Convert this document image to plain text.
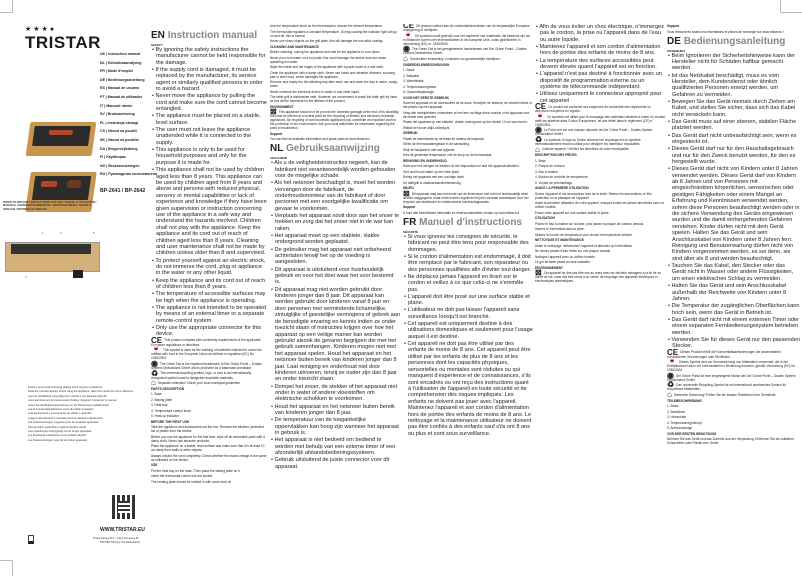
★★★●
TRISTAR
UK | Instruction manual
NL | Gebruiksaanwijzing
FR | Mode d'emploi
DE | Bedienungsanleitung
ES | Manual de usuario
PT | Manual de utilizador
IT | Manuale utente
SV | Bruksanvisning
PL | Instrukcja obsługi
CS | Návod na použití
SK | Návod na použitie
DA | Brugervejledning
FI | Käyttöopas
NO | Bruksanvisningen
RU | Руководство пользователя
BP-2641 / BP-2642
PAPER TO DISCARD / INSTRUCTIONS FOR USE / MANUEL D'UTILISATION / MANUALE / GEBRAUCHSANWEISUNG / BRUKSANVISNING / NÁVOD K OBSLUZE / INSTRUKCJA OBSŁUGI
1	2
3	4
5
Prosimy przeczytać instrukcję obsługi przed użyciem urządzenia.
Read the manual carefully before using the appliance. Save the manual for future reference.
Lees de handleiding zorgvuldig door voordat u het apparaat gebruikt.
Lisez attentivement le manuel avant d'utiliser l'appareil. Conservez le manuel.
Lesen Sie die Bedienungsanleitung vor der Benutzung sorgfältig durch.
Lea el manual detenidamente antes de utilizar el aparato.
Leia atentamente o manual antes de utilizar o aparelho.
Leggere attentamente il manuale prima di utilizzare l'apparecchio.
Läs bruksanvisningen noggrant innan du använder apparaten.
Před použitím spotřebiče si pečlivě přečtěte návod.
Læs vejledningen omhyggeligt, før du bruger apparatet.
Lue käyttöopas huolellisesti ennen laitteen käyttöä.
Les bruksanvisningen nøye før du bruker apparatet.
WWW.TRISTAR.EU
Tristar Europe B.V. | Jules Verneweg 87
5015 BH Tilburg | The Netherlands
EN Instruction manual
SAFETY
• By ignoring the safety instructions the manufacturer cannot be held responsible for the damage.
• If the supply cord is damaged, it must be replaced by the manufacturer, its service agent or similarly qualified persons in order to avoid a hazard.
• Never move the appliance by pulling the cord and make sure the cord cannot become entangled.
• The appliance must be placed on a stable, level surface.
• The user must not leave the appliance unattended while it is connected to the supply.
• This appliance is only to be used for household purposes and only for the purpose it is made for.
• This appliance shall not be used by children aged less than 8 years. This appliance can be used by children aged from 8 years and above and persons with reduced physical, sensory or mental capabilities or lack of experience and knowledge if they have been given supervision or instruction concerning use of the appliance in a safe way and understand the hazards involved. Children shall not play with the appliance. Keep the appliance and its cord out of reach of children aged less than 8 years. Cleaning and user maintenance shall not be made by children unless older than 8 and supervised.
• To protect yourself against an electric shock, do not immerse the cord, plug or appliance in the water or any other liquid.
• Keep the appliance and its cord out of reach of children less than 8 years.
• The temperature of accessible surfaces may be high when the appliance is operating.
• The appliance is not intended to be operated by means of an external timer or a separate remote-control system.
• Only use the appropriate connector for this device.
CE This product complies with conformity requirements of the applicable European regulations or directives.
🍷 This symbol is used for the marking of materials intended to come into contact with food in the European Union as defined in regulation (EC) No 1935/2004.
◉ The Green Dot is the registered trademark of Der Grüne Punkt – Duales System Deutschland GmbH and is protected as a trademark worldwide.
♻ The universal recycling symbol, logo, or icon is an internationally recognized symbol used to designate recyclable materials.
⌂ Separate collection! Check your local municipal guidelines.
PARTS DESCRIPTION
1. Base
2. Baking plate
3. Heat tray
4. Temperature control knob
5. Heat-up indicator
BEFORE THE FIRST USE
Take the appliance and accessories out the box. Remove the stickers, protective foil or plastic from the device.
Before you use the appliance for the first time, wipe off all removable parts with a damp cloth. Never use abrasive products.
Place the appliance on a stable, level surface and make sure that it is at least 10 cm away from walls or other objects.
Always unwind the cord completely. Check whether the mains voltage is the same as indicated on the device.
USE
Put the heat tray on the base. Then place the baking plate on it.
Insert the thermostat control into the socket.
The heating plate should be rubbed in with some food oil.
Use the temperature knob on the thermostat to choose the desired temperature.
The thermostat regulates a constant temperature. During cooking the indicator light will go on and off, this is normal.
Never use sharp objects on the grill plate, this will damage the non-stick coating.
CLEANING AND MAINTENANCE
Before cleaning, unplug the appliance and wait for the appliance to cool down.
Never pour cold water on a hot plate, this could damage the device and can cause splashing hot water.
Wipe the inside and the edges of the appliance with a paper towel or a soft cloth.
Clean the appliance with a damp cloth. Never use harsh and abrasive cleaners, scouring pad or steel wool, which damages the appliance.
Remove and empty the fat collecting tray after each use and wash the tray in warm, soapy water.
Never immerse the electrical device in water or any other liquid.
The table grill is dishwasher safe. However, we recommend to wash the table grill by hand as this will be beneficial for the lifetime of the product.
ENVIRONMENT
⊠ This appliance should not be put into the domestic garbage at the end of its durability, but must be offered at a central point for the recycling of electric and electronic domestic appliances. By recycling of used domestic appliances you contribute an important push to the protection of our environment. Ask your local authorities for information regarding the point of recollection.
Support
You can find all available information and spare parts at www.tristar.eu!
NL Gebruiksaanwijzing
VEILIGHEID
• Als u de veiligheidsinstructies negeert, kan de fabrikant niet verantwoordelijk worden gehouden voor de mogelijke schade.
• Als het netsnoer beschadigd is, moet het worden vervangen door de fabrikant, de onderhoudsmonteur van de fabrikant of door personen met een soortgelijke kwalificatie om gevaar te voorkomen.
• Verplaats het apparaat nooit door aan het snoer te trekken en zorg dat het snoer niet in de war kan raken.
• Het apparaat moet op een stabiele, vlakke ondergrond worden geplaatst.
• De gebruiker mag het apparaat niet onbeheerd achterlaten terwijl het op de voeding is aangesloten.
• Dit apparaat is uitsluitend voor huishoudelijk gebruik en voor het doel waar het voor bestemd is.
• Dit apparaat mag niet worden gebruikt door kinderen jonger dan 8 jaar. Dit apparaat kan worden gebruikt door kinderen vanaf 8 jaar en door personen met verminderde lichamelijke, zintuiglijke of geestelijke vermogens of gebrek aan de benodigde ervaring en kennis indien ze onder toezicht staan of instructies krijgen over hoe het apparaat op een veilige manier kan worden gebruikt alsook de gevaren begrijpen die met het gebruik samenhangen. Kinderen mogen niet met het apparaat spelen. Houd het apparaat en het netsnoer buiten bereik van kinderen jonger dan 8 jaar. Laat reiniging en onderhoud niet door kinderen uitvoeren, tenzij ze ouder zijn dan 8 jaar en onder toezicht staan.
• Dompel het snoer, de stekker of het apparaat niet onder in water of andere vloeistoffen om elektrische schokken te voorkomen.
• Houd het apparaat en het netsnoer buiten bereik van kinderen jonger dan 8 jaar.
• De temperatuur van de toegankelijke oppervlakken kan hoog zijn wanneer het apparaat in gebruik is.
• Het apparaat is niet bedoeld om bediend te worden met behulp van een externe timer of een afzonderlijk afstandsbedieningssysteem.
• Gebruik uitsluitend de juiste connector voor dit apparaat.
CE Dit product voldoet aan de conformiteitsvereisten van de toepasselijke Europese regelgeving of richtlijnen.
🍷 Dit symbool wordt gebruikt voor het markeren van materialen die bestemd zijn om in contact te komen met levensmiddelen in de Europese Unie, zoals gedefinieerd in verordening (EG) nr. 1935/2004.
◉ The Green Dot is het geregistreerde handelsmerk van Der Grüne Punkt – Duales System Deutschland GmbH.
⌂ Gescheiden inzameling! Controleer uw gemeentelijke richtlijnen.
ONDERDELENBESCHRIJVING
1. Basis
2. Bakplaat
3. Warmtelade
4. Temperatuurregelaar
5. Opwarmingslampje
VOOR HET EERSTE GEBRUIK
Haal het apparaat en de accessoires uit de doos. Verwijder de stickers, de beschermfolie of het plastic van het apparaat.
Veeg alle verwijderbare onderdelen af met een vochtige doek voordat u het apparaat voor de eerste keer gebruikt.
Plaats het apparaat op een stabiele, vlakke ondergrond op ten minste 10 cm van muren.
Wikkel het snoer altijd volledig af.
GEBRUIK
Plaats de warmtelade op de basis en daarna de bakplaat.
Steek de thermostaatregelaar in de aansluiting.
Wrijf de bakplaat in met wat spijsolie.
Kies de gewenste temperatuur met de knop op de thermostaat.
REINIGING EN ONDERHOUD
Haal voor het reinigen de stekker uit het stopcontact en laat het apparaat afkoelen.
Giet nooit koud water op een hete plaat.
Reinig het apparaat met een vochtige doek.
De tafelgrill is vaatwasmachinebestendig.
MILIEU
⊠ Dit apparaat mag aan het einde van de levensduur niet met het huishoudelijk afval worden weggegooid, maar moet worden ingeleverd bij een centraal inzamelpunt voor het recyclen van elektrische en elektronische huishoudapparaten.
Support
U kunt alle beschikbare informatie en reserveonderdelen vinden op www.tristar.eu!
FR Manuel d'instructions
SÉCURITÉ
• Si vous ignorez les consignes de sécurité, le fabricant ne peut être tenu pour responsable des dommages.
• Si le cordon d'alimentation est endommagé, il doit être remplacé par le fabricant, son réparateur ou des personnes qualifiées afin d'éviter tout danger.
• Ne déplacez jamais l'appareil en tirant sur le cordon et veillez à ce que celui-ci ne s'emmêle pas.
• L'appareil doit être posé sur une surface stable et plane.
• L'utilisateur ne doit pas laisser l'appareil sans surveillance lorsqu'il est branché.
• Cet appareil est uniquement destiné à des utilisations domestiques et seulement pour l'usage auquel il est destiné.
• Cet appareil ne doit pas être utilisé par des enfants de moins de 8 ans. Cet appareil peut être utilisé par les enfants de plus de 8 ans et les personnes dont les capacités physiques, sensorielles ou mentales sont réduites ou qui manquent d'expérience et de connaissances, s'ils sont encadrés ou ont reçu des instructions quant à l'utilisation de l'appareil en toute sécurité et de compréhension des risques impliqués. Les enfants ne doivent pas jouer avec l'appareil. Maintenez l'appareil et son cordon d'alimentation hors de portée des enfants de moins de 8 ans. Le nettoyage et la maintenance utilisateur ne doivent pas être confiés à des enfants sauf s'ils ont 8 ans ou plus et sont sous surveillance.
• Afin de vous éviter un choc électrique, n'immergez pas le cordon, la prise ou l'appareil dans de l'eau ou autre liquide.
• Maintenez l'appareil et son cordon d'alimentation hors de portée des enfants de moins de 8 ans.
• La température des surfaces accessibles peut devenir élevée quand l'appareil est en fonction.
• L'appareil n'est pas destiné à fonctionner avec un dispositif de programmation externe ou un système de télécommande indépendant.
• Utilisez uniquement le connecteur approprié pour cet appareil
CE Ce produit est conforme aux exigences de conformité des règlements ou directives européens en vigueur.
🍷 Ce symbole est utilisé pour le marquage des matériaux destinés à entrer en contact avec les aliments dans l'Union Européenne, tel que défini dans le règlement (CE) n° 1935/2004.
◉ Le Point vert est une marque déposée de Der Grüne Punkt – Duales System Deutschland GmbH.
♻ Le symbole, le logo ou l'icône universel de recyclage est un symbole internationalement reconnu utilisé pour désigner les matériaux recyclables.
⌂ Collecte séparée ! Vérifiez les directives de votre municipalité.
DESCRIPTION DES PIÈCES
1. Base
2. Plaque de cuisson
3. Bac à chaleur
4. Bouton de contrôle de température
5. Voyant de préchauffage
AVANT LA PREMIÈRE UTILISATION
Sortez l'appareil et les accessoires hors de la boîte. Retirez les autocollants, le film protecteur ou le plastique de l'appareil.
Avant la première utilisation de votre appareil, essuyez toutes les pièces amovibles avec un chiffon humide.
Posez votre appareil sur une surface stable et plane.
UTILISATION
Placez le bac à chaleur sur la base, puis placez la plaque de cuisson dessus.
Insérez le thermostat dans la prise.
Utilisez le bouton de température pour choisir la température désirée.
NETTOYAGE ET MAINTENANCE
Avant le nettoyage, débranchez l'appareil et attendez qu'il refroidisse.
Ne versez jamais d'eau froide sur une plaque chaude.
Nettoyez l'appareil avec un chiffon humide.
Le gril de table passe au lave-vaisselle.
ENVIRONNEMENT
⊠ Cet appareil ne doit pas être mis au rebut avec les déchets ménagers à la fin de sa durée de vie, mais doit être remis à un centre de recyclage des appareils électriques et électroniques domestiques.
Support
Vous retrouverez toutes les informations et pièces de rechange sur www.tristar.eu !
DE Bedienungsanleitung
SICHERHEIT
• Beim Ignorieren der Sicherheitshinweise kann der Hersteller nicht für Schäden haftbar gemacht werden.
• Ist das Netzkabel beschädigt, muss es vom Hersteller, dem Kundendienst oder ähnlich qualifizierten Personen ersetzt werden, um Gefahren zu vermeiden.
• Bewegen Sie das Gerät niemals durch Ziehen am Kabel, und stellen Sie sicher, dass sich das Kabel nicht verwickeln kann.
• Das Gerät muss auf einer ebenen, stabilen Fläche platziert werden.
• Das Gerät darf nicht unbeaufsichtigt sein, wenn es eingesteckt ist.
• Dieses Gerät darf nur für den Haushaltsgebrauch und nur für den Zweck benutzt werden, für den es hergestellt wurde.
• Dieses Gerät darf nicht von Kindern unter 8 Jahren verwendet werden. Dieses Gerät darf von Kindern ab 8 Jahren und von Personen mit eingeschränkten körperlichen, sensorischen oder geistigen Fähigkeiten oder einem Mangel an Erfahrung und Kenntnissen verwendet werden, sofern diese Personen beaufsichtigt werden oder in die sichere Verwendung des Geräts eingewiesen wurden und die damit einhergehenden Gefahren verstehen. Kinder dürfen nicht mit dem Gerät spielen. Halten Sie das Gerät und sein Anschlusskabel von Kindern unter 8 Jahren fern. Reinigung und Benutzerwartung dürfen nicht von Kindern vorgenommen werden, es sei denn, sie sind älter als 8 und werden beaufsichtigt.
• Tauchen Sie das Kabel, den Stecker oder das Gerät nicht in Wasser oder andere Flüssigkeiten, um einen elektrischen Schlag zu vermeiden.
• Halten Sie das Gerät und sein Anschlusskabel außerhalb der Reichweite von Kindern unter 8 Jahren.
• Die Temperatur der zugänglichen Oberflächen kann hoch sein, wenn das Gerät in Betrieb ist.
• Das Gerät darf nicht mit einem externen Timer oder einem separaten Fernbedienungssystem betrieben werden.
• Verwenden Sie für dieses Gerät nur den passenden Stecker.
CE Dieses Produkt erfüllt die Konformitätsanforderungen der anwendbaren europäischen Verordnungen oder Richtlinien.
🍷 Dieses Symbol wird zur Kennzeichnung von Materialien verwendet, die in der Europäischen Union mit Lebensmitteln in Berührung kommen, gemäß Verordnung (EG) Nr. 1935/2004.
◉ Der Grüne Punkt ist eine eingetragene Marke der Der Grüne Punkt – Duales System Deutschland GmbH.
♻ Das universelle Recycling-Symbol ist ein international anerkanntes Symbol für recycelbare Materialien.
⌂ Getrennte Sammlung! Prüfen Sie die lokalen Richtlinien Ihrer Gemeinde.
TEILEBESCHREIBUNG
1. Basis
2. Backblech
3. Heizschale
4. Temperaturregelknopf
5. Aufheizanzeige
VOR DER ERSTEN BENUTZUNG
Nehmen Sie das Gerät und das Zubehör aus der Verpackung. Entfernen Sie die Aufkleber, Schutzfolien oder Plastik vom Gerät.
